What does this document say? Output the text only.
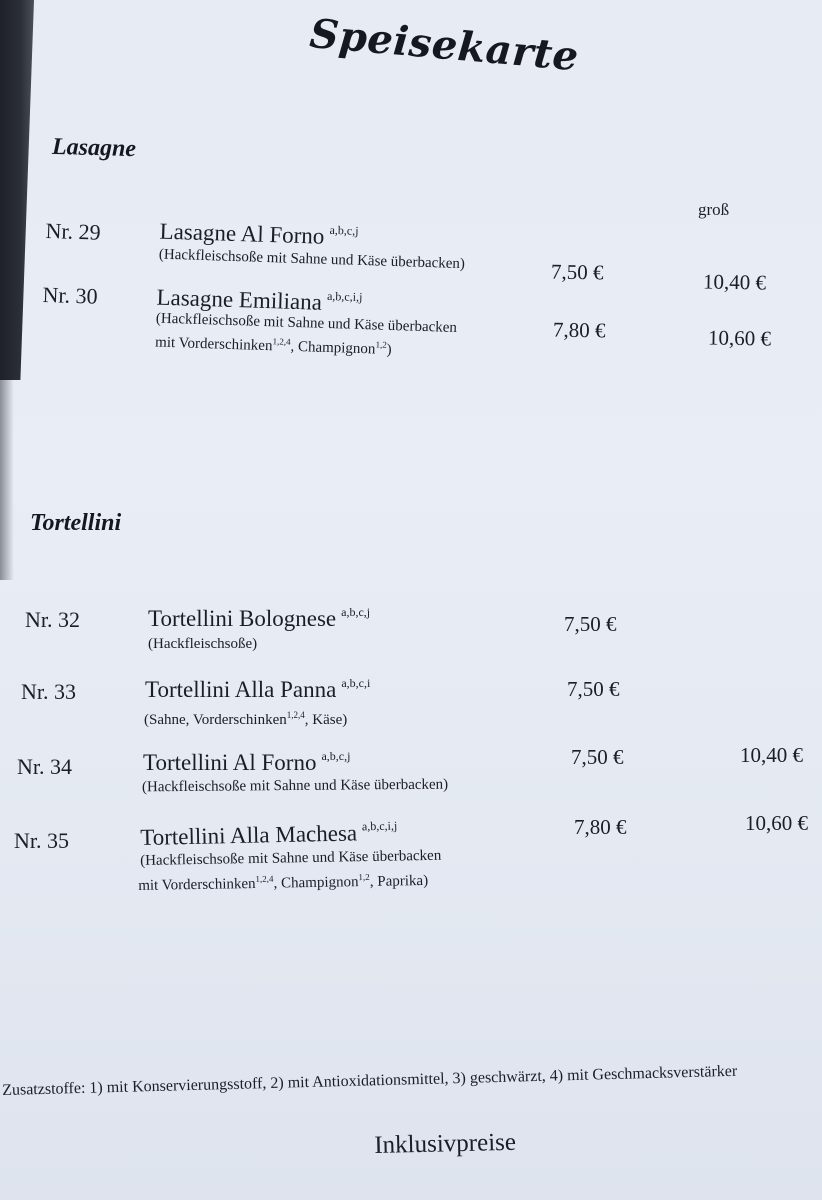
Speisekarte
Lasagne
groß
Nr. 29	Lasagne Al Forno $^{a,b,c,j}$
(Hackfleischsoße mit Sahne und Käse überbacken)	7,50 €	10,40 €
Nr. 30	Lasagne Emiliana $^{a,b,c,i,j}$
(Hackfleischsoße mit Sahne und Käse überbacken
mit Vorderschinken$^{1,2,4}$, Champignon$^{1,2}$)
7,80 €	10,60 €
Tortellini
Nr. 32	Tortellini Bolognese $^{a,b,c,j}$
(Hackfleischsoße)
7,50 €
Nr. 33	Tortellini Alla Panna $^{a,b,c,i}$
(Sahne, Vorderschinken$^{1,2,4}$, Käse)
7,50 €
Nr. 34	Tortellini Al Forno $^{a,b,c,j}$
(Hackfleischsoße mit Sahne und Käse überbacken)
7,50 €	10,40 €
Nr. 35	Tortellini Alla Machesa $^{a,b,c,i,j}$
(Hackfleischsoße mit Sahne und Käse überbacken
mit Vorderschinken$^{1,2,4}$, Champignon$^{1,2}$, Paprika)
7,80 €	10,60 €
Zusatzstoffe: 1) mit Konservierungsstoff, 2) mit Antioxidationsmittel, 3) geschwärzt, 4) mit Geschmacksverstärker
Inklusivpreise
